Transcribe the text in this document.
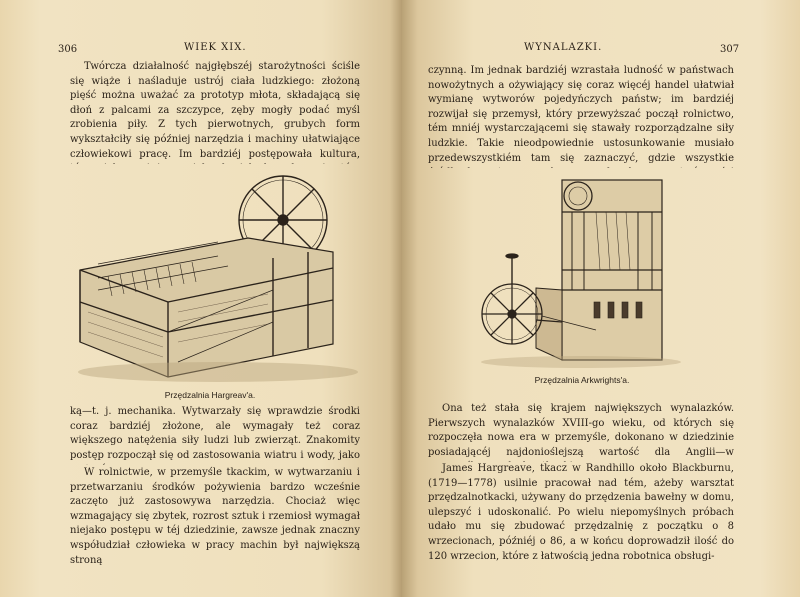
306	WIEK XIX.

Twórcza działalność najgłębszéj starożytności ściśle się wiąże i naśladuje ustrój ciała ludzkiego: złożoną pięść można uważać za prototyp młota, składającą się dłoń z palcami za szczypce, zęby mogły podać myśl zrobienia piły. Z tych pierwotnych, grubych form wykształciły się później narzędzia i machiny ułatwiające człowiekowi pracę. Im bardziéj postępowała kultura,

Przędzalnia Hargreav'a.

ką—t. j. mechanika. Wytwarzały się wprawdzie środki coraz bardziéj złożone, ale wymagały też coraz większego natężenia siły ludzi lub zwierząt. Znakomity postęp rozpoczął się od zastosowania wiatru i wody, jako

W rolnictwie, w przemyśle tkackim, w wytwarzaniu i przetwarzaniu środków pożywienia bardzo wcześnie zaczęto już zastosowywa narzędzia. Chociaż więc wzmagający się zbytek, rozrost sztuk i rzemiosł wymagał niejako postępu w téj dziedzinie, zawsze jednak znaczny współudział człowieka w pracy machin był największą stroną

WYNALAZKI.	307

czynną. Im jednak bardziéj wzrastała ludność w państwach nowożytnych a ożywiający się coraz więcéj handel ułatwiał wymianę wytworów pojedyńczych państw; im bardziéj rozwijał się przemysł, który przewyższać począł rolnictwo, tém mniéj wystarczającemi się stawały rozporządzalne siły ludzkie. Takie nieodpowiednie ustosunkowanie musiało przedewszystkiém tam się zaznaczyć, gdzie wszystkie

Przędzalnia Arkwrights'a.

Ona też stała się krajem największych wynalazków. Pierwszych wynalazków XVIII-go wieku, od których się rozpoczęła nowa era w przemyśle, dokonano w dziedzinie posiadającéj najdonioślejszą wartość dla Anglii—w

James Hargreave, tkacz w Randhillo około Blackburnu, (1719—1778) usilnie pracował nad tém, ażeby warsztat przędzalnotkacki, używany do przędzenia bawełny w domu, ulepszyć i udoskonalić. Po wielu niepomyślnych próbach udało mu się zbudować przędzalnię z początku o 8 wrzecionach, późniéj o 86, a w końcu doprowadził ilość do 120 wrzecion, które z łatwością jedna robotnica obsługi-
